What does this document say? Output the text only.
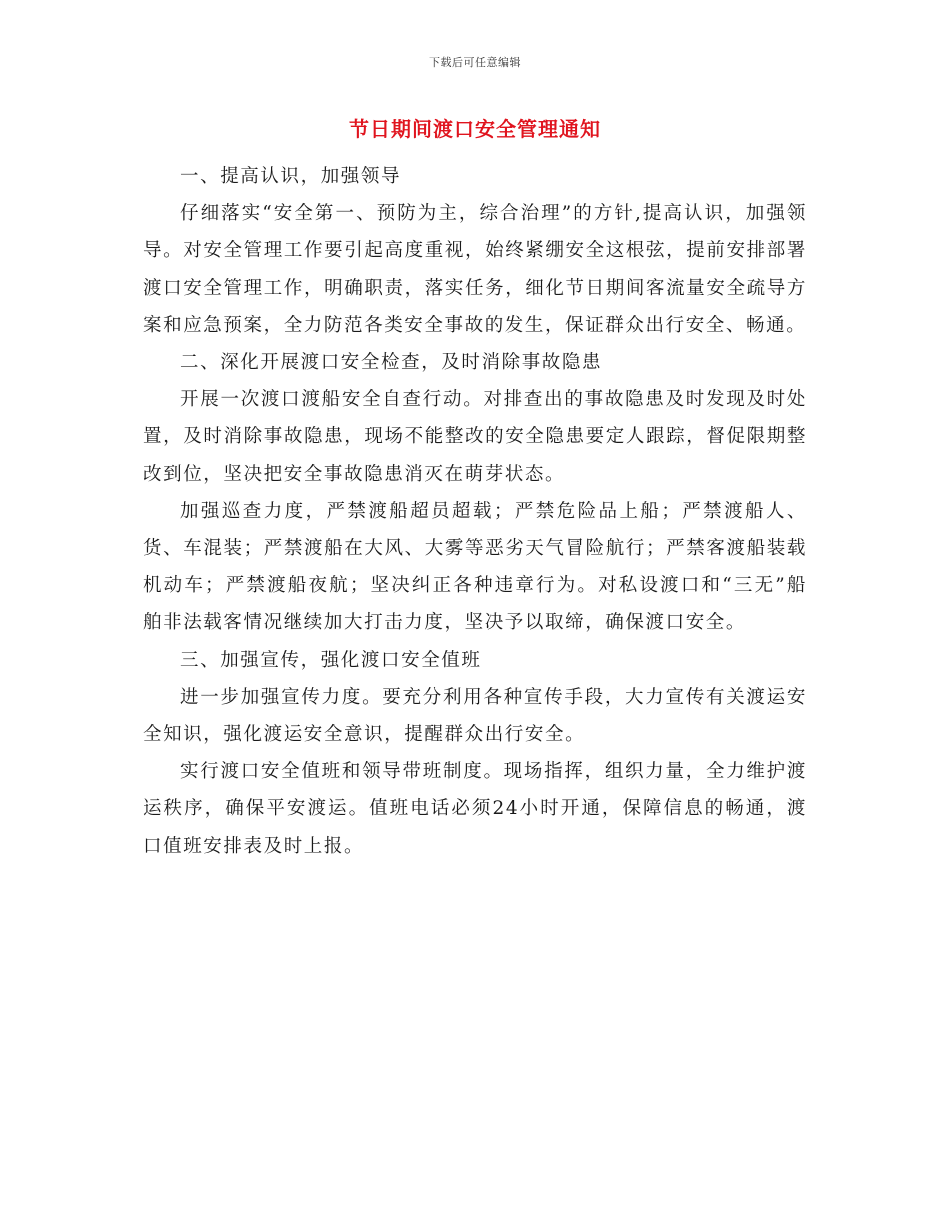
下载后可任意编辑
节日期间渡口安全管理通知

一、提高认识，加强领导

仔细落实“安全第一、预防为主，综合治理”的方针,提高认识，加强领导。对安全管理工作要引起高度重视，始终紧绷安全这根弦，提前安排部署渡口安全管理工作，明确职责，落实任务，细化节日期间客流量安全疏导方案和应急预案，全力防范各类安全事故的发生，保证群众出行安全、畅通。

二、深化开展渡口安全检查，及时消除事故隐患

开展一次渡口渡船安全自查行动。对排查出的事故隐患及时发现及时处置，及时消除事故隐患，现场不能整改的安全隐患要定人跟踪，督促限期整改到位，坚决把安全事故隐患消灭在萌芽状态。

加强巡查力度，严禁渡船超员超载；严禁危险品上船；严禁渡船人、货、车混装；严禁渡船在大风、大雾等恶劣天气冒险航行；严禁客渡船装载机动车；严禁渡船夜航；坚决纠正各种违章行为。对私设渡口和“三无”船舶非法载客情况继续加大打击力度，坚决予以取缔，确保渡口安全。

三、加强宣传，强化渡口安全值班

进一步加强宣传力度。要充分利用各种宣传手段，大力宣传有关渡运安全知识，强化渡运安全意识，提醒群众出行安全。

实行渡口安全值班和领导带班制度。现场指挥，组织力量，全力维护渡运秩序，确保平安渡运。值班电话必须24小时开通，保障信息的畅通，渡口值班安排表及时上报。
